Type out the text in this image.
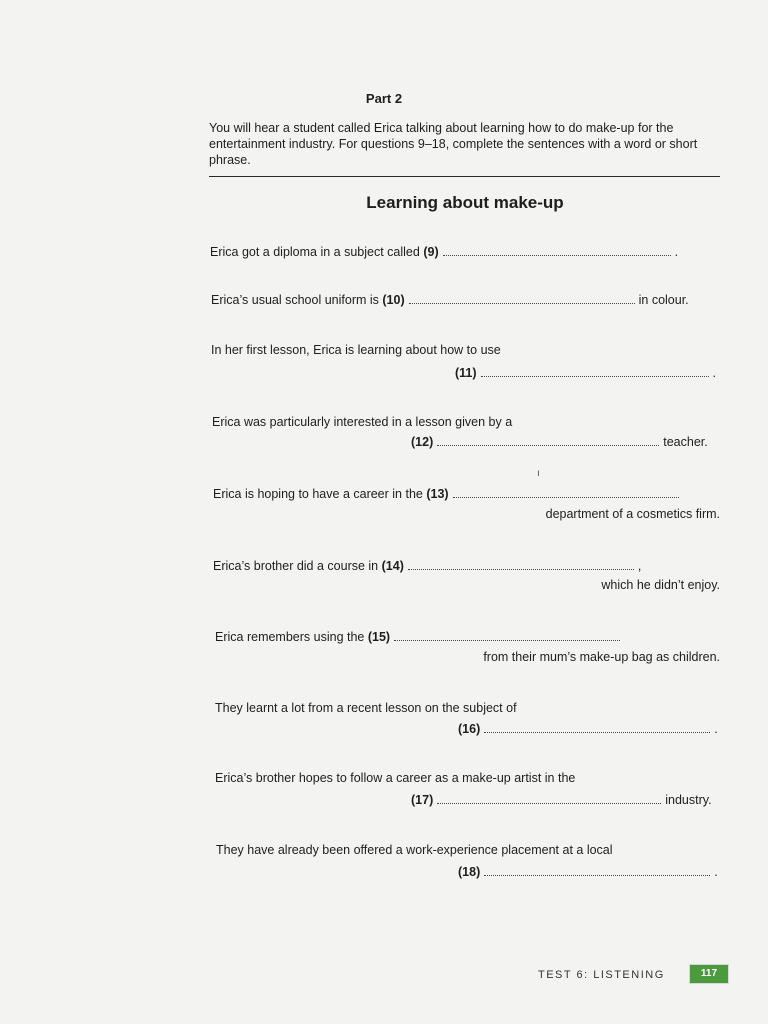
Part 2
You will hear a student called Erica talking about learning how to do make-up for the entertainment industry. For questions 9–18, complete the sentences with a word or short phrase.
Learning about make-up
Erica got a diploma in a subject called
(9)	.
Erica’s usual school uniform is
(10)	in colour.
In her first lesson, Erica is learning about how to use
(11)	.
Erica was particularly interested in a lesson given by a
(12)	teacher.
ı
Erica is hoping to have a career in the
(13)
department of a cosmetics firm.
Erica’s brother did a course in
(14)	,
which he didn’t enjoy.
Erica remembers using the
(15)
from their mum’s make-up bag as children.
They learnt a lot from a recent lesson on the subject of
(16)	.
Erica’s brother hopes to follow a career as a make-up artist in the
(17)	industry.
They have already been offered a work-experience placement at a local
(18)	.
TEST 6: LISTENING	117
